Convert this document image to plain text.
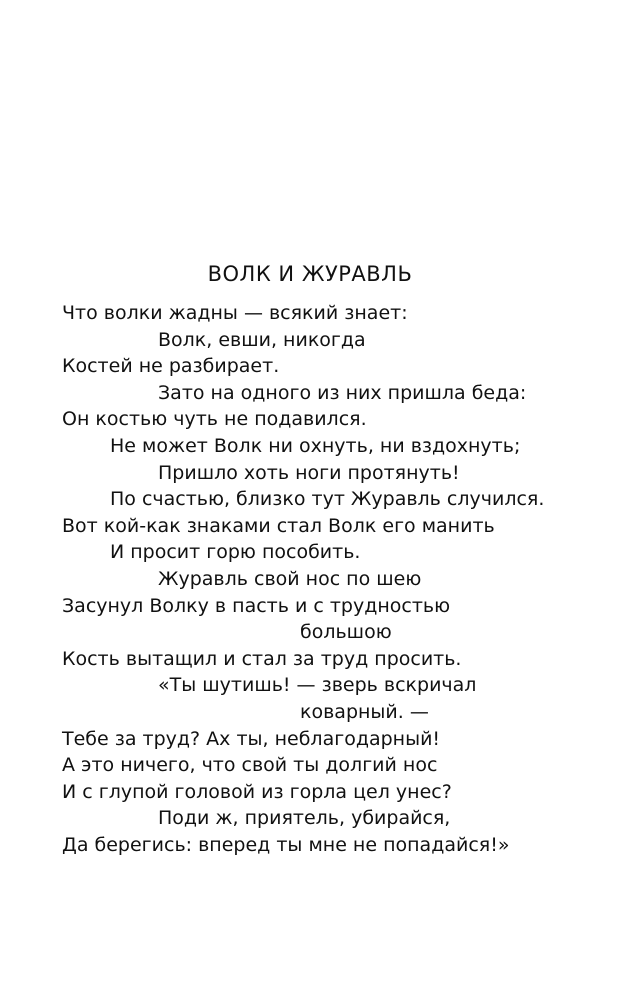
ВОЛК И ЖУРАВЛЬ
Что волки жадны — всякий знает:
Волк, евши, никогда
Костей не разбирает.
Зато на одного из них пришла беда:
Он костью чуть не подавился.
Не может Волк ни охнуть, ни вздохнуть;
Пришло хоть ноги протянуть!
По счастью, близко тут Журавль случился.
Вот кой-как знаками стал Волк его манить
И просит горю пособить.
Журавль свой нос по шею
Засунул Волку в пасть и с трудностью
большою
Кость вытащил и стал за труд просить.
«Ты шутишь! — зверь вскричал
коварный. —
Тебе за труд? Ах ты, неблагодарный!
А это ничего, что свой ты долгий нос
И с глупой головой из горла цел унес?
Поди ж, приятель, убирайся,
Да берегись: вперед ты мне не попадайся!»
